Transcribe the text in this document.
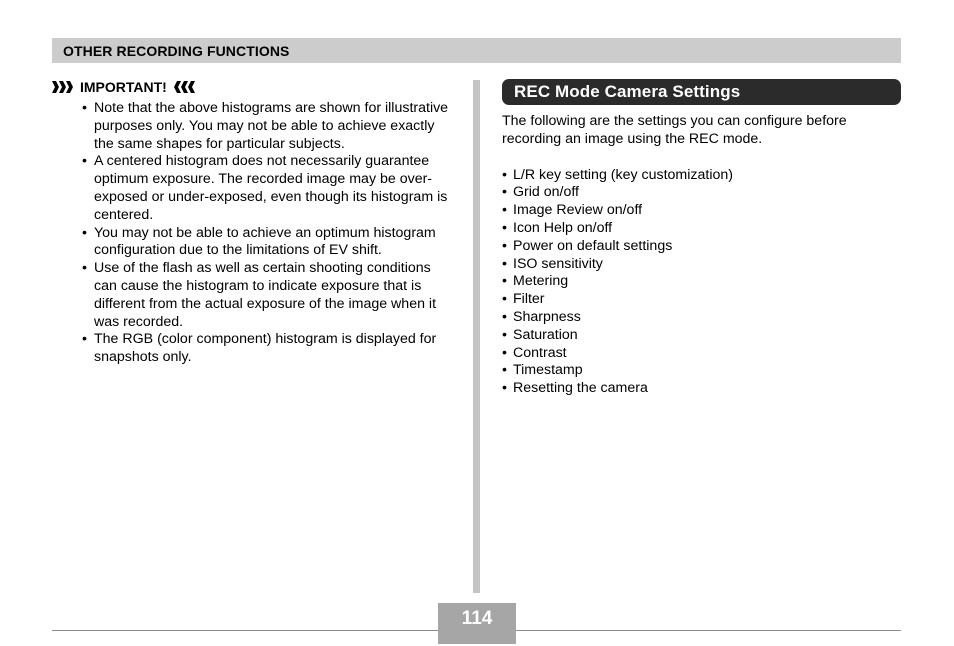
OTHER RECORDING FUNCTIONS
IMPORTANT!
• Note that the above histograms are shown for illustrative purposes only. You may not be able to achieve exactly the same shapes for particular subjects.
• A centered histogram does not necessarily guarantee optimum exposure. The recorded image may be over-exposed or under-exposed, even though its histogram is centered.
• You may not be able to achieve an optimum histogram configuration due to the limitations of EV shift.
• Use of the flash as well as certain shooting conditions can cause the histogram to indicate exposure that is different from the actual exposure of the image when it was recorded.
• The RGB (color component) histogram is displayed for snapshots only.
REC Mode Camera Settings

The following are the settings you can configure before recording an image using the REC mode.

• L/R key setting (key customization)
• Grid on/off
• Image Review on/off
• Icon Help on/off
• Power on default settings
• ISO sensitivity
• Metering
• Filter
• Sharpness
• Saturation
• Contrast
• Timestamp
• Resetting the camera
114
